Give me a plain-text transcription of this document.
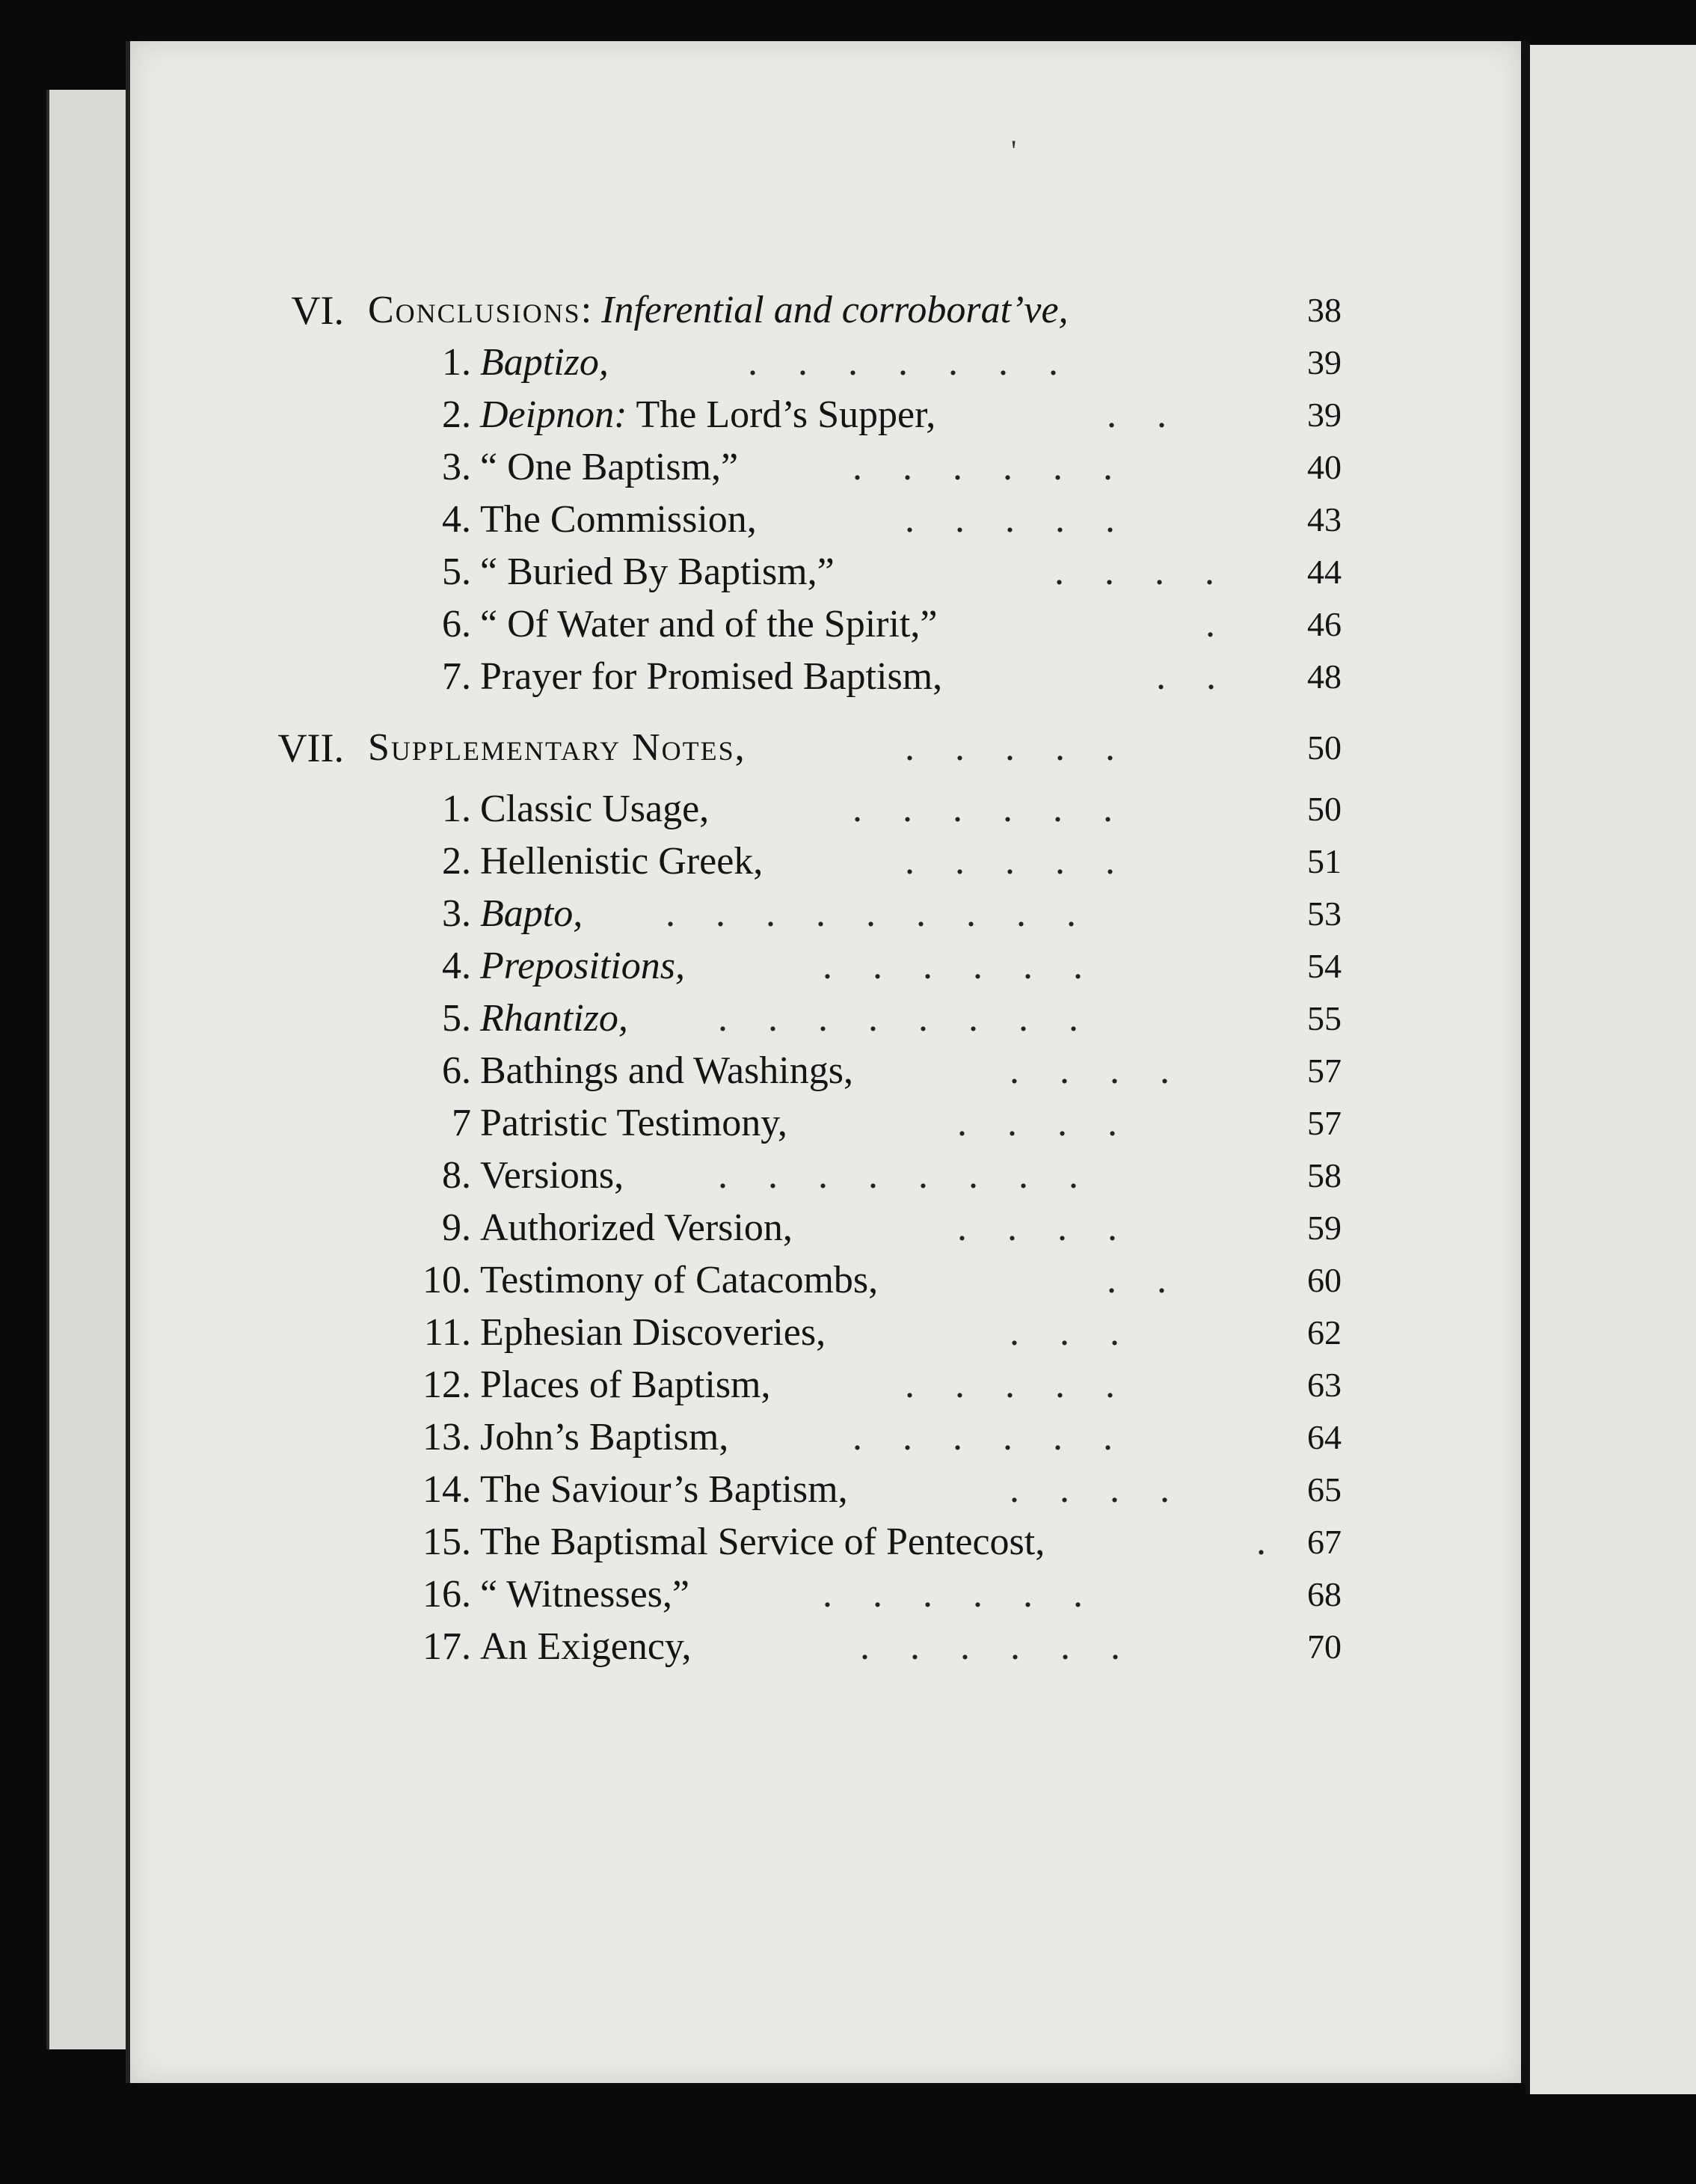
'
VI. Conclusions: Inferential and corroborat’ve,	38
1. Baptizo,	.......	39
2. Deipnon: The Lord’s Supper,	..	39
3. “ One Baptism,”	......	40
4. The Commission,	.....	43
5. “ Buried By Baptism,”	.... 44
6. “ Of Water and of the Spirit,”	. 46
7. Prayer for Promised Baptism,	.. 48
VII. Supplementary Notes,	.....	50
1. Classic Usage,	......	50
2. Hellenistic Greek,	.....	51
3. Bapto, .........	53
4. Prepositions,	......	54
5. Rhantizo, ........	55
6. Bathings and Washings,	....	57
7 Patristic Testimony,	....	57
8. Versions, ........	58
9. Authorized Version,	....	59
10. Testimony of Catacombs,	..	60
11. Ephesian Discoveries,	...	62
12. Places of Baptism,	.....	63
13. John’s Baptism,	......	64
14. The Saviour’s Baptism,	....	65
15. The Baptismal Service of Pentecost,	. 67
16. “ Witnesses,”	......	68
17. An Exigency,	......	70
